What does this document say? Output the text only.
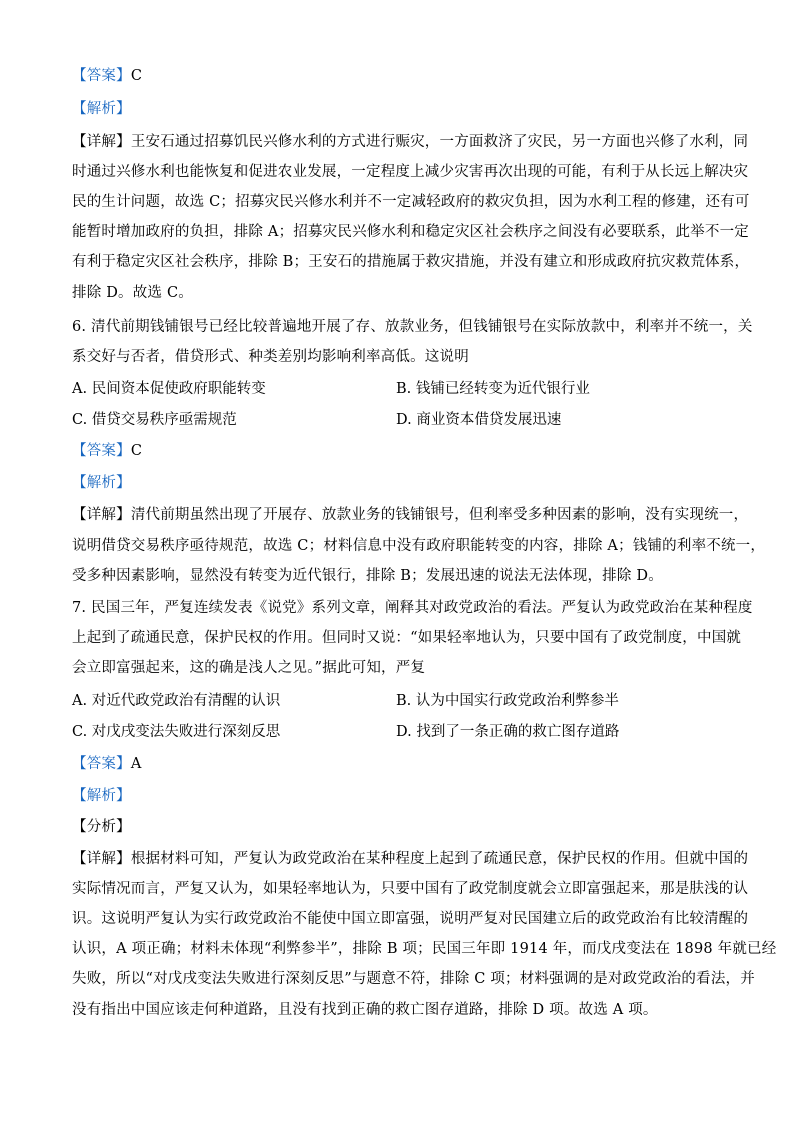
【答案】C
【解析】
【详解】王安石通过招募饥民兴修水利的方式进行赈灾，一方面救济了灾民，另一方面也兴修了水利，同
时通过兴修水利也能恢复和促进农业发展，一定程度上减少灾害再次出现的可能，有利于从长远上解决灾
民的生计问题，故选 C；招募灾民兴修水利并不一定减轻政府的救灾负担，因为水利工程的修建，还有可
能暂时增加政府的负担，排除 A；招募灾民兴修水利和稳定灾区社会秩序之间没有必要联系，此举不一定
有利于稳定灾区社会秩序，排除 B；王安石的措施属于救灾措施，并没有建立和形成政府抗灾救荒体系，
排除 D。故选 C。
6. 清代前期钱铺银号已经比较普遍地开展了存、放款业务，但钱铺银号在实际放款中，利率并不统一，关
系交好与否者，借贷形式、种类差别均影响利率高低。这说明
A. 民间资本促使政府职能转变	B. 钱铺已经转变为近代银行业
C. 借贷交易秩序亟需规范	D. 商业资本借贷发展迅速
【答案】C
【解析】
【详解】清代前期虽然出现了开展存、放款业务的钱铺银号，但利率受多种因素的影响，没有实现统一，
说明借贷交易秩序亟待规范，故选 C；材料信息中没有政府职能转变的内容，排除 A；钱铺的利率不统一，
受多种因素影响，显然没有转变为近代银行，排除 B；发展迅速的说法无法体现，排除 D。
7. 民国三年，严复连续发表《说党》系列文章，阐释其对政党政治的看法。严复认为政党政治在某种程度
上起到了疏通民意，保护民权的作用。但同时又说：“如果轻率地认为，只要中国有了政党制度，中国就
会立即富强起来，这的确是浅人之见。”据此可知，严复
A. 对近代政党政治有清醒的认识	B. 认为中国实行政党政治利弊参半
C. 对戊戌变法失败进行深刻反思	D. 找到了一条正确的救亡图存道路
【答案】A
【解析】
【分析】
【详解】根据材料可知，严复认为政党政治在某种程度上起到了疏通民意，保护民权的作用。但就中国的
实际情况而言，严复又认为，如果轻率地认为，只要中国有了政党制度就会立即富强起来，那是肤浅的认
识。这说明严复认为实行政党政治不能使中国立即富强，说明严复对民国建立后的政党政治有比较清醒的
认识，A 项正确；材料未体现“利弊参半”，排除 B 项；民国三年即 1914 年，而戊戌变法在 1898 年就已经
失败，所以“对戊戌变法失败进行深刻反思”与题意不符，排除 C 项；材料强调的是对政党政治的看法，并
没有指出中国应该走何种道路，且没有找到正确的救亡图存道路，排除 D 项。故选 A 项。
